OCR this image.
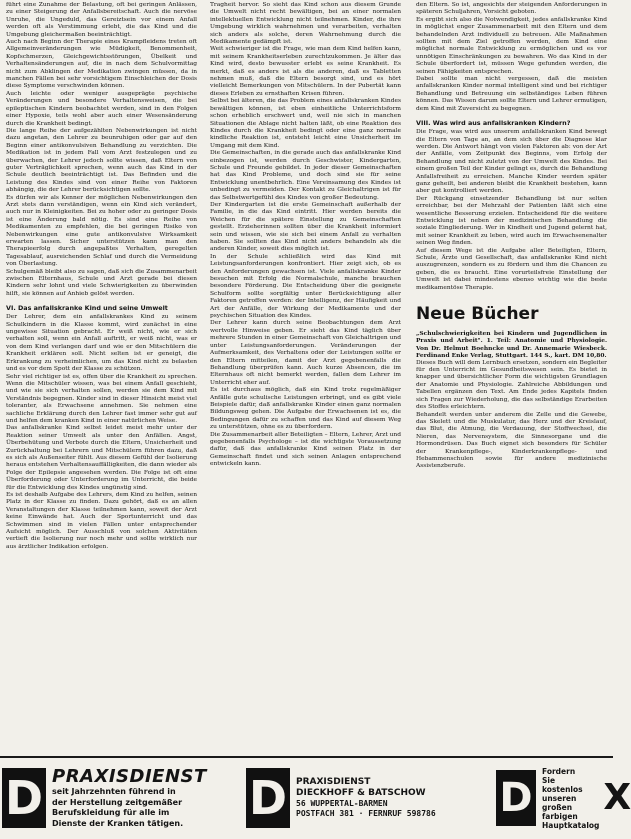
führt eine Zunahme der Belastung, oft bei geringen Anlässen, zu einer Steigerung der Anfallsbereitschaft. Auch die nervöse Unruhe, die Ungeduld, das Gereiztsein vor einem Anfall werden oft als Verstimmung erlebt, die das Kind und die Umgebung gleichermaßen beeinträchtigt.

Auch nach Beginn der Therapie eines Krampfleidens treten oft Allgemeinveränderungen wie Müdigkeit, Benommenheit, Kopfschmerzen, Gleichgewichtsstörungen, Übelkeit und Verhaltensänderungen auf, die in nach dem Schulvormittag nicht zum Abklingen der Medikation zwingen müssen, da in manchen Fällen bei sehr vorsichtigem Einschleichen der Dosis diese Symptome verschwinden können.

Auch leichte oder weniger ausgeprägte psychische Veränderungen und besondere Verhaltensweisen, die bei epileptischen Kindern beobachtet werden, sind in den Folgen einer Hypoxie, teils wohl aber auch einer Wesensänderung durch die Krankheit bedingt.

Die lange Reihe der aufgezählten Nebenwirkungen ist nicht dazu angetan, den Lehrer zu beunruhigen oder gar auf den Beginn einer antikonvulsiven Behandlung zu verzichten. Die Medikation ist in jedem Fall vom Arzt festzulegen und zu überwachen, der Lehrer jedoch sollte wissen, daß Eltern von guter Verträglichkeit sprechen, wenn auch das Kind in der Schule deutlich beeinträchtigt ist. Das Befinden und die Leistung des Kindes sind von einer Reihe von Faktoren abhängig, die der Lehrer berücksichtigen sollte.

Es dürfen wir als Kenner der möglichen Nebenwirkungen den Arzt stets dann verständigen, wenn ein Kind sich verändert, auch nur in Kleinigkeiten. Bei zu hoher oder zu geringer Dosis ist eine Änderung bald nötig. Es sind eine Reihe von Medikamenten zu empfehlen, die bei geringen Risiko von Nebenwirkungen eine gute antikonvulsive Wirksamkeit erwarten lassen. Sicher unterstützen kann man den Therapieerfolg durch angepaßtes Verhalten, geregelten Tagesablauf, ausreichenden Schlaf und durch die Vermeidung von Überlastung.

Schulgemäß bleibt also zu sagen, daß sich die Zusammenarbeit zwischen Elternhaus, Schule und Arzt gerade bei diesen Kindern sehr lohnt und viele Schwierigkeiten zu überwinden hilft, sie können auf Anhieb gelöst werden.

VI. Das anfallskranke Kind und seine Umwelt

Der Lehrer, dem ein anfallskrankes Kind zu seinem Schulkindern in die Klasse kommt, wird zunächst in eine ungewisse Situation gebracht. Er weiß nicht, wie er sich verhalten soll, wenn ein Anfall auftritt, er weiß nicht, was er von dem Kind verlangen darf und wie er den Mitschülern die Krankheit erklären soll. Nicht selten ist er geneigt, die Erkrankung zu verheimlichen, um das Kind nicht zu belasten und es vor dem Spott der Klasse zu schützen.

Sehr viel richtiger ist es, offen über die Krankheit zu sprechen. Wenn die Mitschüler wissen, was bei einem Anfall geschieht, und wie sie sich verhalten sollen, werden sie dem Kind mit Verständnis begegnen. Kinder sind in dieser Hinsicht meist viel toleranter, als Erwachsene annehmen. Sie nehmen eine sachliche Erklärung durch den Lehrer fast immer sehr gut auf und helfen dem kranken Kind in einer natürlichen Weise.

Das anfallskranke Kind selbst leidet meist mehr unter der Reaktion seiner Umwelt als unter den Anfällen. Angst, Überbehütung und Verbote durch die Eltern, Unsicherheit und Zurückhaltung bei Lehrern und Mitschülern führen dazu, daß es sich als Außenseiter fühlt. Aus diesem Gefühl der Isolierung heraus entstehen Verhaltensauffälligkeiten, die dann wieder als Folge der Epilepsie angesehen werden. Die Folge ist oft eine Überforderung oder Unterforderung im Unterricht, die beide für die Entwicklung des Kindes ungünstig sind.

Es ist deshalb Aufgabe des Lehrers, dem Kind zu helfen, seinen Platz in der Klasse zu finden. Dazu gehört, daß es an allen Veranstaltungen der Klasse teilnehmen kann, soweit der Arzt keine Einwände hat. Auch der Sportunterricht und das Schwimmen sind in vielen Fällen unter entsprechender Aufsicht möglich. Der Ausschluß von solchen Aktivitäten vertieft die Isolierung nur noch mehr und sollte wirklich nur aus ärztlicher Indikation erfolgen.

Tragheit hervor. So sieht das Kind schon aus diesem Grunde die Umwelt nicht recht bewältigen, bei an einer normalen intellektuellen Entwicklung nicht teilnehmen. Kinder, die ihre Umgebung wirklich wahrnehmen und verarbeiten, verhalten sich anders als solche, deren Wahrnehmung durch die Medikamente gedämpft ist.

Weit schwieriger ist die Frage, wie man dem Kind helfen kann, mit seinem Krankheitserleben zurechtzukommen. Je älter das Kind wird, desto bewusster erlebt es seine Krankheit. Es merkt, daß es anders ist als die anderen, daß es Tabletten nehmen muß, daß die Eltern besorgt sind, und es hört vielleicht Bemerkungen von Mitschülern. In der Pubertät kann dieses Erleben zu ernsthaften Krisen führen.

Selbst bei älteren, die das Problem eines anfallskranken Kindes bewältigen können, ist eben einheitliche Unterrichtsform schon erheblich erschwert und, weil nie sich in manchen Situationen die Ablage nicht halten läßt, ob eine Reaktion des Kindes durch die Krankheit bedingt oder eine ganz normale kindliche Reaktion ist, entsteht leicht eine Unsicherheit im Umgang mit dem Kind.

Die Gemeinschaften, in die gerade auch das anfallskranke Kind einbezogen ist, werden durch Geschwister, Kindergarten, Schule und Freunde gebildet. In jeder dieser Gemeinschaften hat das Kind Probleme, und doch sind sie für seine Entwicklung unentbehrlich. Eine Vereinsamung des Kindes ist unbedingt zu vermeiden. Der Kontakt zu Gleichaltrigen ist für das Selbstwertgefühl des Kindes von großer Bedeutung.

Der Kindergarten ist die erste Gemeinschaft außerhalb der Familie, in die das Kind eintritt. Hier werden bereits die Weichen für die spätere Einstellung zu Gemeinschaften gestellt. Erzieherinnen sollten über die Krankheit informiert sein und wissen, wie sie sich bei einem Anfall zu verhalten haben. Sie sollten das Kind nicht anders behandeln als die anderen Kinder, soweit dies möglich ist.

In der Schule schließlich wird das Kind mit Leistungsanforderungen konfrontiert. Hier zeigt sich, ob es den Anforderungen gewachsen ist. Viele anfallskranke Kinder besuchen mit Erfolg die Normalschule, manche brauchen besondere Förderung. Die Entscheidung über die geeignete Schulform sollte sorgfältig unter Berücksichtigung aller Faktoren getroffen werden: der Intelligenz, der Häufigkeit und Art der Anfälle, der Wirkung der Medikamente und der psychischen Situation des Kindes.

Der Lehrer kann durch seine Beobachtungen dem Arzt wertvolle Hinweise geben. Er sieht das Kind täglich über mehrere Stunden in einer Gemeinschaft von Gleichaltrigen und unter Leistungsanforderungen. Veränderungen der Aufmerksamkeit, des Verhaltens oder der Leistungen sollte er den Eltern mitteilen, damit der Arzt gegebenenfalls die Behandlung überprüfen kann. Auch kurze Absencen, die im Elternhaus oft nicht bemerkt werden, fallen dem Lehrer im Unterricht eher auf.

Es ist durchaus möglich, daß ein Kind trotz regelmäßiger Anfälle gute schulische Leistungen erbringt, und es gibt viele Beispiele dafür, daß anfallskranke Kinder einen ganz normalen Bildungsweg gehen. Die Aufgabe der Erwachsenen ist es, die Bedingungen dafür zu schaffen und das Kind auf diesem Weg zu unterstützen, ohne es zu überfordern.

Die Zusammenarbeit aller Beteiligten – Eltern, Lehrer, Arzt und gegebenenfalls Psychologe – ist die wichtigste Voraussetzung dafür, daß das anfallskranke Kind seinen Platz in der Gemeinschaft findet und sich seinen Anlagen entsprechend entwickeln kann.

den Eltern. So ist, angesichts der steigenden Anforderungen in späteren Schuljahren, Vorsicht geboten.

Es ergibt sich also die Notwendigkeit, jedes anfallskranke Kind in möglichst enger Zusammenarbeit mit den Eltern und dem behandelnden Arzt individuell zu betreuen. Alle Maßnahmen sollten mit dem Ziel getroffen werden, dem Kind eine möglichst normale Entwicklung zu ermöglichen und es vor unnötigen Einschränkungen zu bewahren. Wo das Kind in der Schule überfordert ist, müssen Wege gefunden werden, die seinen Fähigkeiten entsprechen.

Dabei sollte man nicht vergessen, daß die meisten anfallskranken Kinder normal intelligent sind und bei richtiger Behandlung und Betreuung ein selbständiges Leben führen können. Das Wissen darum sollte Eltern und Lehrer ermutigen, dem Kind mit Zuversicht zu begegnen.

VIII. Was wird aus anfallskranken Kindern?

Die Frage, was wird aus unserem anfallskranken Kind bewegt die Eltern von Tage an, an dem sich über die Diagnose klar werden. Die Antwort hängt von vielen Faktoren ab: von der Art der Anfälle, vom Zeitpunkt des Beginns, vom Erfolg der Behandlung und nicht zuletzt von der Umwelt des Kindes. Bei einem großen Teil der Kinder gelingt es, durch die Behandlung Anfallsfreiheit zu erreichen. Manche Kinder werden später ganz geheilt, bei anderen bleibt die Krankheit bestehen, kann aber gut kontrolliert werden.

Der Rückgang einsetzender Behandlung ist nur selten erreichbar, bei der Mehrzahl der Patienten läßt sich eine wesentliche Besserung erzielen. Entscheidend für die weitere Entwicklung ist neben der medizinischen Behandlung die soziale Eingliederung. Wer in Kindheit und Jugend gelernt hat, mit seiner Krankheit zu leben, wird auch im Erwachsenenalter seinen Weg finden.

Auf diesem Wege ist die Aufgabe aller Beteiligten, Eltern, Schule, Ärzte und Gesellschaft, das anfallskranke Kind nicht auszugrenzen, sondern es zu fördern und ihm die Chancen zu geben, die es braucht. Eine vorurteilsfreie Einstellung der Umwelt ist dabei mindestens ebenso wichtig wie die beste medikamentöse Therapie.

Neue Bücher

„Schulschwierigkeiten bei Kindern und Jugendlichen in Praxis und Arbeit". 1. Teil: Anatomie und Physiologie. Von Dr. Helmut Boehncke und Dr. Annemarie Wiesbeck. Ferdinand Enke Verlag, Stuttgart. 144 S., kart. DM 10,80.

Dieses Buch will dem Lernbuch ersetzen, sondern ein Begleiter für den Unterricht im Gesundheitswesen sein. Es bietet in knapper und übersichtlicher Form die wichtigsten Grundlagen der Anatomie und Physiologie. Zahlreiche Abbildungen und Tabellen ergänzen den Text. Am Ende jedes Kapitels finden sich Fragen zur Wiederholung, die das selbständige Erarbeiten des Stoffes erleichtern.

Behandelt werden unter anderem die Zelle und die Gewebe, das Skelett und die Muskulatur, das Herz und der Kreislauf, das Blut, die Atmung, die Verdauung, der Stoffwechsel, die Nieren, das Nervensystem, die Sinnesorgane und die Hormondrüsen. Das Buch eignet sich besonders für Schüler der Krankenpflege-, Kinderkrankenpflege- und Hebammenschulen sowie für andere medizinische Assistenzberufe.

D PRAXISDIENST
seit Jahrzehnten führend in
der Herstellung zeitgemäßer
Berufskleidung für alle im
Dienste der Kranken tätigen.	D PRAXISDIENST
DIECKHOFF & BATSCHOW
56 WUPPERTAL-BARMEN
POSTFACH 381 · FERNRUF 598786 D
Fordern
Sie
kostenlos
unseren
großen
farbigen
Hauptkatalog
X
